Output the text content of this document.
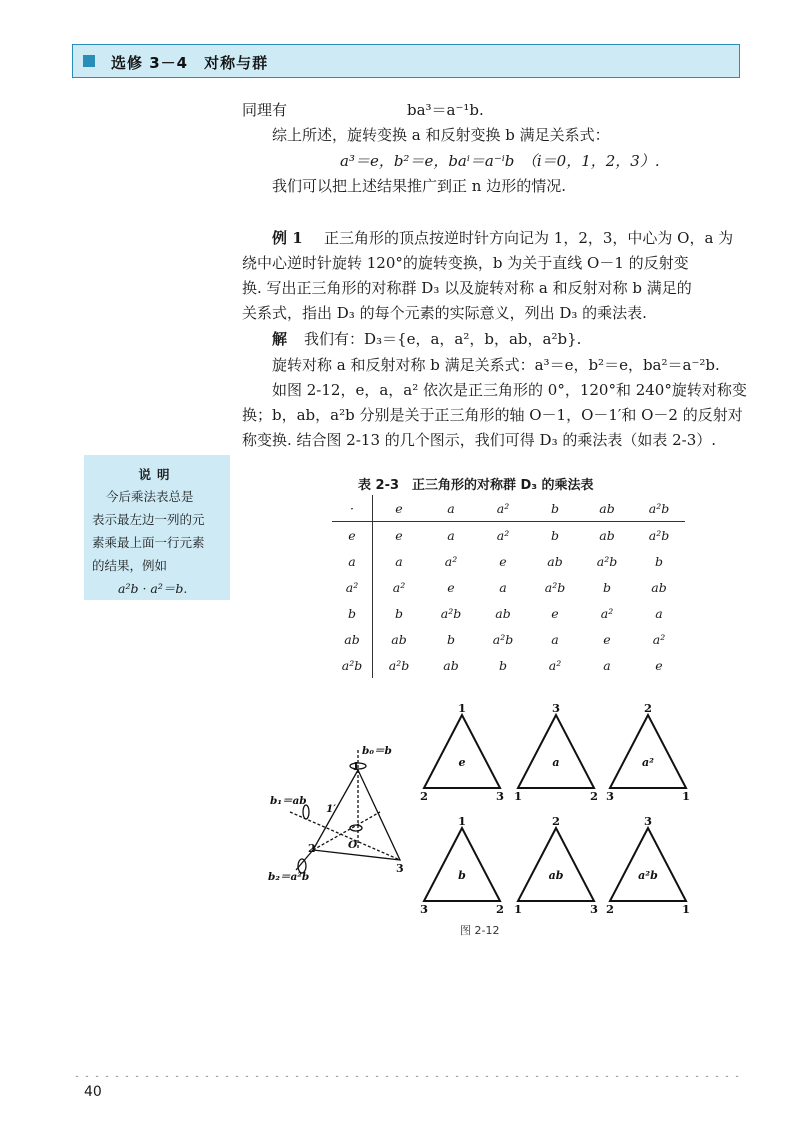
选修 3－4　对称与群
同理有　　　　　　　　ba³＝a⁻¹b.
综上所述，旋转变换 a 和反射变换 b 满足关系式：
a³＝e，b²＝e，baⁱ＝a⁻ⁱb　（i＝0，1，2，3）.
我们可以把上述结果推广到正 n 边形的情况.
例 1 正三角形的顶点按逆时针方向记为 1，2，3，中心为 O，a 为
绕中心逆时针旋转 120°的旋转变换，b 为关于直线 O－1 的反射变
换. 写出正三角形的对称群 D₃ 以及旋转对称 a 和反射对称 b 满足的
关系式，指出 D₃ 的每个元素的实际意义，列出 D₃ 的乘法表.
解 我们有：D₃＝{e，a，a²，b，ab，a²b}.
旋转对称 a 和反射对称 b 满足关系式：a³＝e，b²＝e，ba²＝a⁻²b.
如图 2-12，e，a，a² 依次是正三角形的 0°，120°和 240°旋转对称变
换；b，ab，a²b 分别是关于正三角形的轴 O－1，O－1′和 O－2 的反射对
称变换. 结合图 2-13 的几个图示，我们可得 D₃ 的乘法表（如表 2-3）.
说明
今后乘法表总是
表示最左边一列的元
素乘最上面一行元素
的结果，例如
a²b · a²＝b.
表 2-3　正三角形的对称群 D₃ 的乘法表
·	e	a	a²	b	ab	a²b
e	e	a	a²	b	ab	a²b
a	a	a²	e	ab	a²b	b
a²	a²	e	a	a²b	b	ab
b	b	a²b	ab	e	a²	a
ab	ab	b	a²b	a	e	a²
a²b	a²b	ab	b	a²	a	e
b₀＝b
b₁＝ab
b₂＝a²b
O
1′
1
2
3
1
2	3
3
1	2
2
3	1
1
3	2
2
1	3
3
2	1
e	a	a²
b	ab	a²b
图 2-12
40
